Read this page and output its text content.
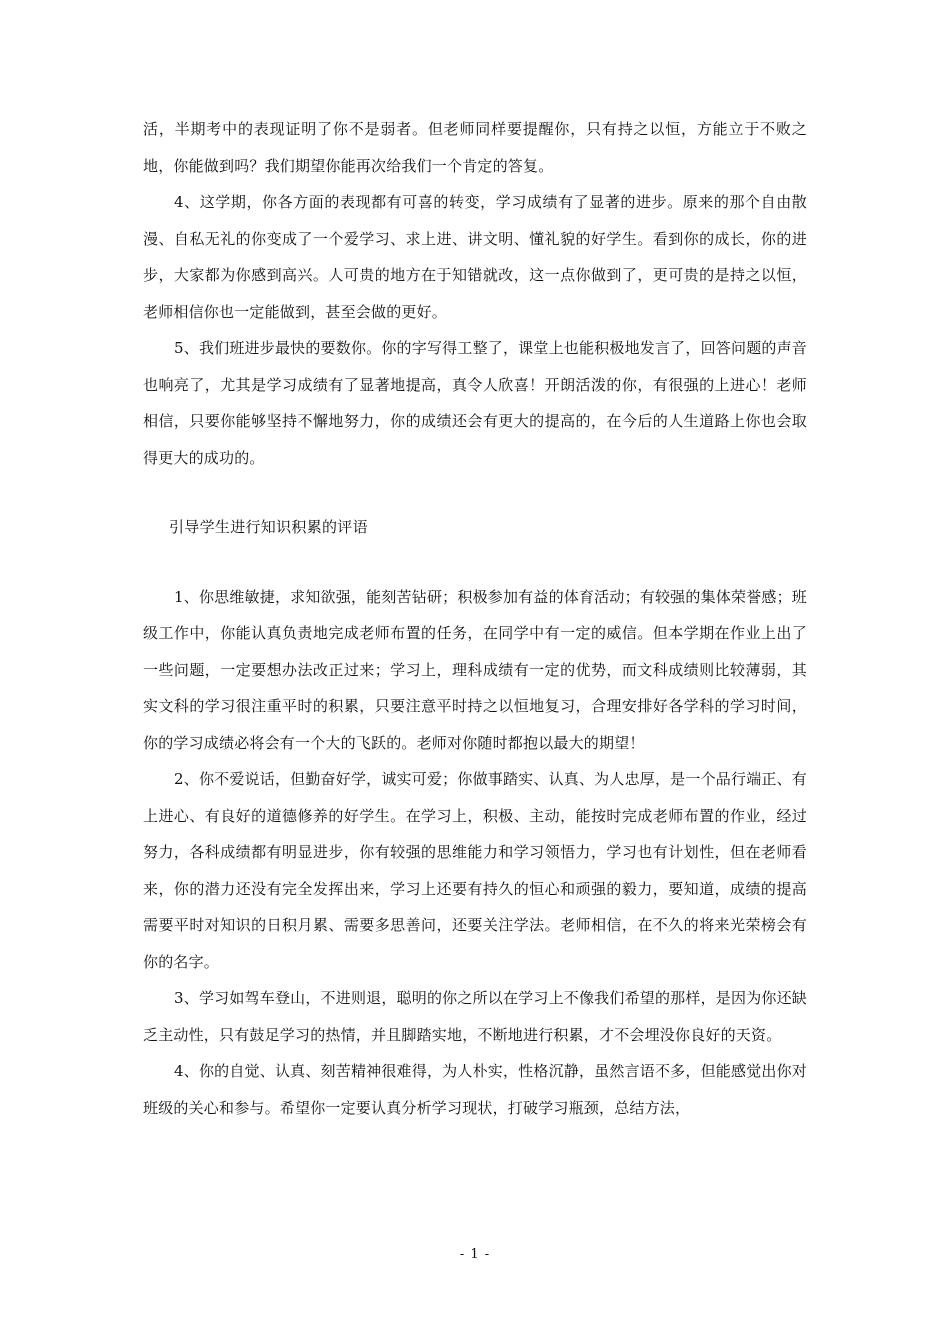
活，半期考中的表现证明了你不是弱者。但老师同样要提醒你，只有持之以恒，方能立于不败之地，你能做到吗？我们期望你能再次给我们一个肯定的答复。

4、这学期，你各方面的表现都有可喜的转变，学习成绩有了显著的进步。原来的那个自由散漫、自私无礼的你变成了一个爱学习、求上进、讲文明、懂礼貌的好学生。看到你的成长，你的进步，大家都为你感到高兴。人可贵的地方在于知错就改，这一点你做到了，更可贵的是持之以恒，老师相信你也一定能做到，甚至会做的更好。

5、我们班进步最快的要数你。你的字写得工整了，课堂上也能积极地发言了，回答问题的声音也响亮了，尤其是学习成绩有了显著地提高，真令人欣喜！开朗活泼的你，有很强的上进心！老师相信，只要你能够坚持不懈地努力，你的成绩还会有更大的提高的，在今后的人生道路上你也会取得更大的成功的。

引导学生进行知识积累的评语

1、你思维敏捷，求知欲强，能刻苦钻研；积极参加有益的体育活动；有较强的集体荣誉感；班级工作中，你能认真负责地完成老师布置的任务，在同学中有一定的威信。但本学期在作业上出了一些问题，一定要想办法改正过来；学习上，理科成绩有一定的优势，而文科成绩则比较薄弱，其实文科的学习很注重平时的积累，只要注意平时持之以恒地复习，合理安排好各学科的学习时间，你的学习成绩必将会有一个大的飞跃的。老师对你随时都抱以最大的期望！

2、你不爱说话，但勤奋好学，诚实可爱；你做事踏实、认真、为人忠厚，是一个品行端正、有上进心、有良好的道德修养的好学生。在学习上，积极、主动，能按时完成老师布置的作业，经过努力，各科成绩都有明显进步，你有较强的思维能力和学习领悟力，学习也有计划性，但在老师看来，你的潜力还没有完全发挥出来，学习上还要有持久的恒心和顽强的毅力，要知道，成绩的提高需要平时对知识的日积月累、需要多思善问，还要关注学法。老师相信，在不久的将来光荣榜会有你的名字。

3、学习如驾车登山，不进则退，聪明的你之所以在学习上不像我们希望的那样，是因为你还缺乏主动性，只有鼓足学习的热情，并且脚踏实地，不断地进行积累，才不会埋没你良好的天资。

4、你的自觉、认真、刻苦精神很难得，为人朴实，性格沉静，虽然言语不多，但能感觉出你对班级的关心和参与。希望你一定要认真分析学习现状，打破学习瓶颈，总结方法，

- 1 -
